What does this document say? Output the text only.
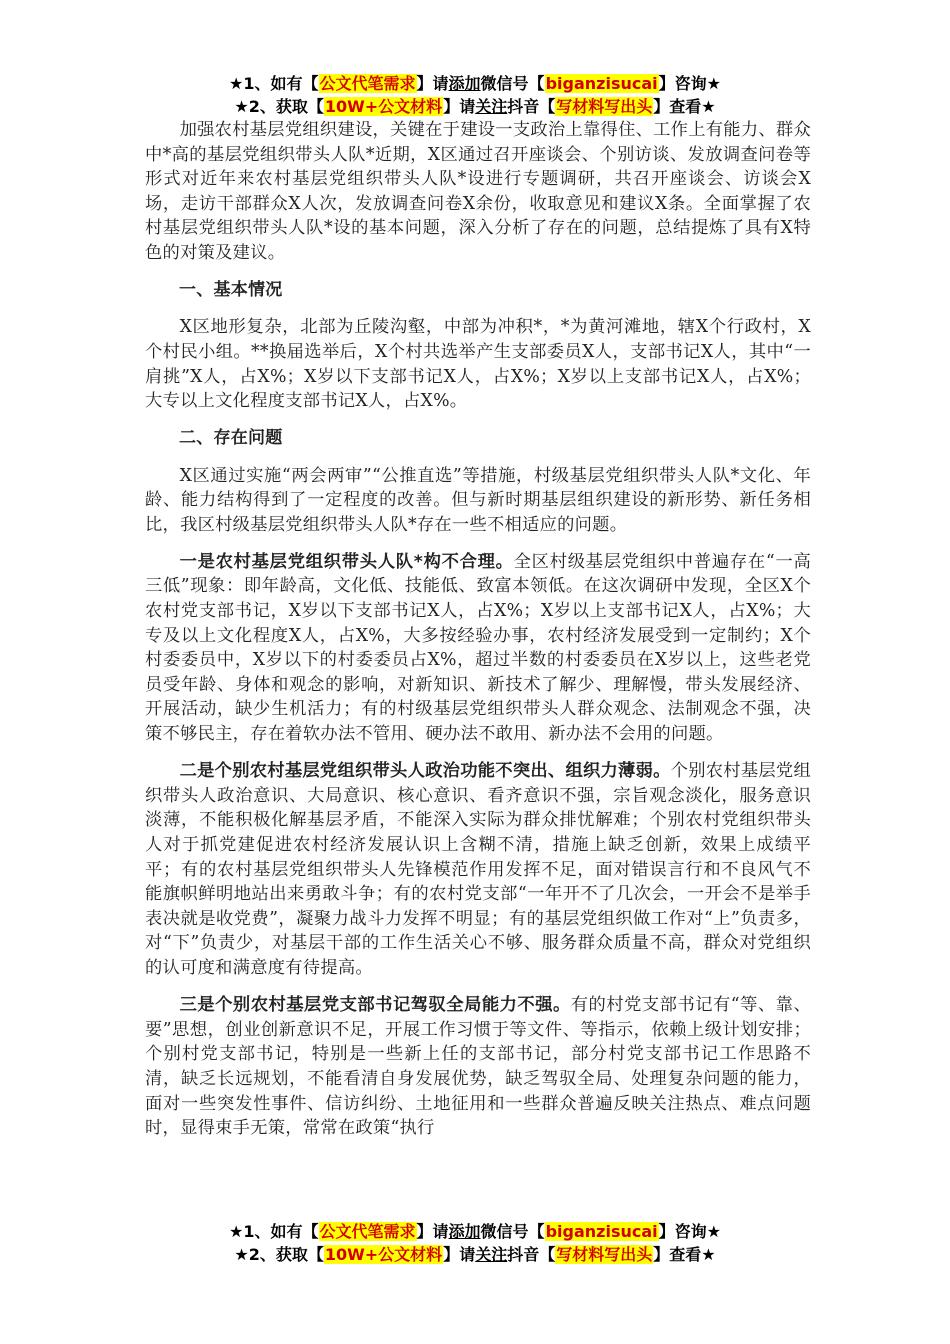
★1、如有【公文代笔需求】请添加微信号【biganzisucai】咨询★
★2、获取【10W+公文材料】请关注抖音【写材料写出头】查看★

加强农村基层党组织建设，关键在于建设一支政治上靠得住、工作上有能力、群众中*高的基层党组织带头人队*近期，X区通过召开座谈会、个别访谈、发放调查问卷等形式对近年来农村基层党组织带头人队*设进行专题调研，共召开座谈会、访谈会X场，走访干部群众X人次，发放调查问卷X余份，收取意见和建议X条。全面掌握了农村基层党组织带头人队*设的基本问题，深入分析了存在的问题，总结提炼了具有X特色的对策及建议。

一、基本情况

X区地形复杂，北部为丘陵沟壑，中部为冲积*，*为黄河滩地，辖X个行政村，X个村民小组。**换届选举后，X个村共选举产生支部委员X人，支部书记X人，其中“一肩挑”X人，占X%；X岁以下支部书记X人，占X%；X岁以上支部书记X人，占X%；大专以上文化程度支部书记X人，占X%。

二、存在问题

X区通过实施“两会两审”“公推直选”等措施，村级基层党组织带头人队*文化、年龄、能力结构得到了一定程度的改善。但与新时期基层组织建设的新形势、新任务相比，我区村级基层党组织带头人队*存在一些不相适应的问题。

一是农村基层党组织带头人队*构不合理。全区村级基层党组织中普遍存在“一高三低”现象：即年龄高，文化低、技能低、致富本领低。在这次调研中发现，全区X个农村党支部书记，X岁以下支部书记X人，占X%；X岁以上支部书记X人，占X%；大专及以上文化程度X人，占X%，大多按经验办事，农村经济发展受到一定制约；X个村委委员中，X岁以下的村委委员占X%，超过半数的村委委员在X岁以上，这些老党员受年龄、身体和观念的影响，对新知识、新技术了解少、理解慢，带头发展经济、开展活动，缺少生机活力；有的村级基层党组织带头人群众观念、法制观念不强，决策不够民主，存在着软办法不管用、硬办法不敢用、新办法不会用的问题。

二是个别农村基层党组织带头人政治功能不突出、组织力薄弱。个别农村基层党组织带头人政治意识、大局意识、核心意识、看齐意识不强，宗旨观念淡化，服务意识淡薄，不能积极化解基层矛盾，不能深入实际为群众排忧解难；个别农村党组织带头人对于抓党建促进农村经济发展认识上含糊不清，措施上缺乏创新，效果上成绩平平；有的农村基层党组织带头人先锋模范作用发挥不足，面对错误言行和不良风气不能旗帜鲜明地站出来勇敢斗争；有的农村党支部“一年开不了几次会，一开会不是举手表决就是收党费”，凝聚力战斗力发挥不明显；有的基层党组织做工作对“上”负责多，对“下”负责少，对基层干部的工作生活关心不够、服务群众质量不高，群众对党组织的认可度和满意度有待提高。

三是个别农村基层党支部书记驾驭全局能力不强。有的村党支部书记有“等、靠、要”思想，创业创新意识不足，开展工作习惯于等文件、等指示，依赖上级计划安排；个别村党支部书记，特别是一些新上任的支部书记，部分村党支部书记工作思路不清，缺乏长远规划，不能看清自身发展优势，缺乏驾驭全局、处理复杂问题的能力，面对一些突发性事件、信访纠纷、土地征用和一些群众普遍反映关注热点、难点问题时，显得束手无策，常常在政策“执行

★1、如有【公文代笔需求】请添加微信号【biganzisucai】咨询★
★2、获取【10W+公文材料】请关注抖音【写材料写出头】查看★
